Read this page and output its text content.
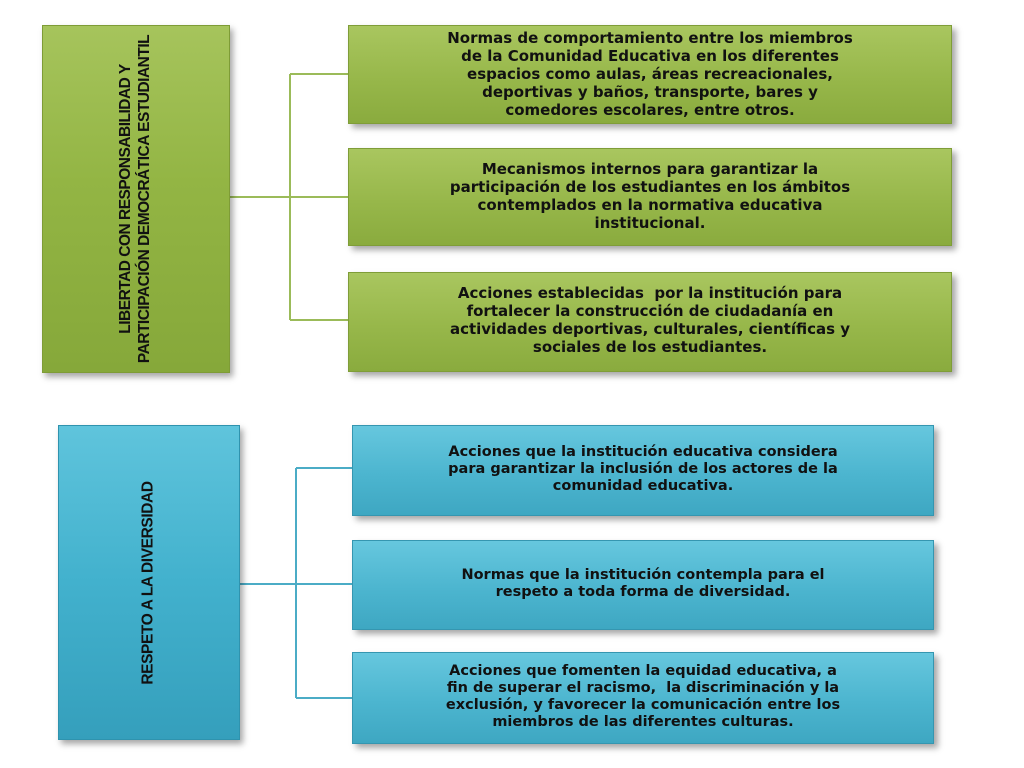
LIBERTAD CON RESPONSABILIDAD Y PARTICIPACIÓN DEMOCRÁTICA ESTUDIANTIL	Normas de comportamiento entre los miembros
de la Comunidad Educativa en los diferentes
espacios como aulas, áreas recreacionales,
deportivas y baños, transporte, bares y
comedores escolares, entre otros.
Mecanismos internos para garantizar la
participación de los estudiantes en los ámbitos
contemplados en la normativa educativa
institucional.
Acciones establecidas  por la institución para
fortalecer la construcción de ciudadanía en
actividades deportivas, culturales, científicas y
sociales de los estudiantes.
RESPETO A LA DIVERSIDAD
Acciones que la institución educativa considera
para garantizar la inclusión de los actores de la
comunidad educativa.
Normas que la institución contempla para el
respeto a toda forma de diversidad.
Acciones que fomenten la equidad educativa, a
fin de superar el racismo,  la discriminación y la
exclusión, y favorecer la comunicación entre los
miembros de las diferentes culturas.
